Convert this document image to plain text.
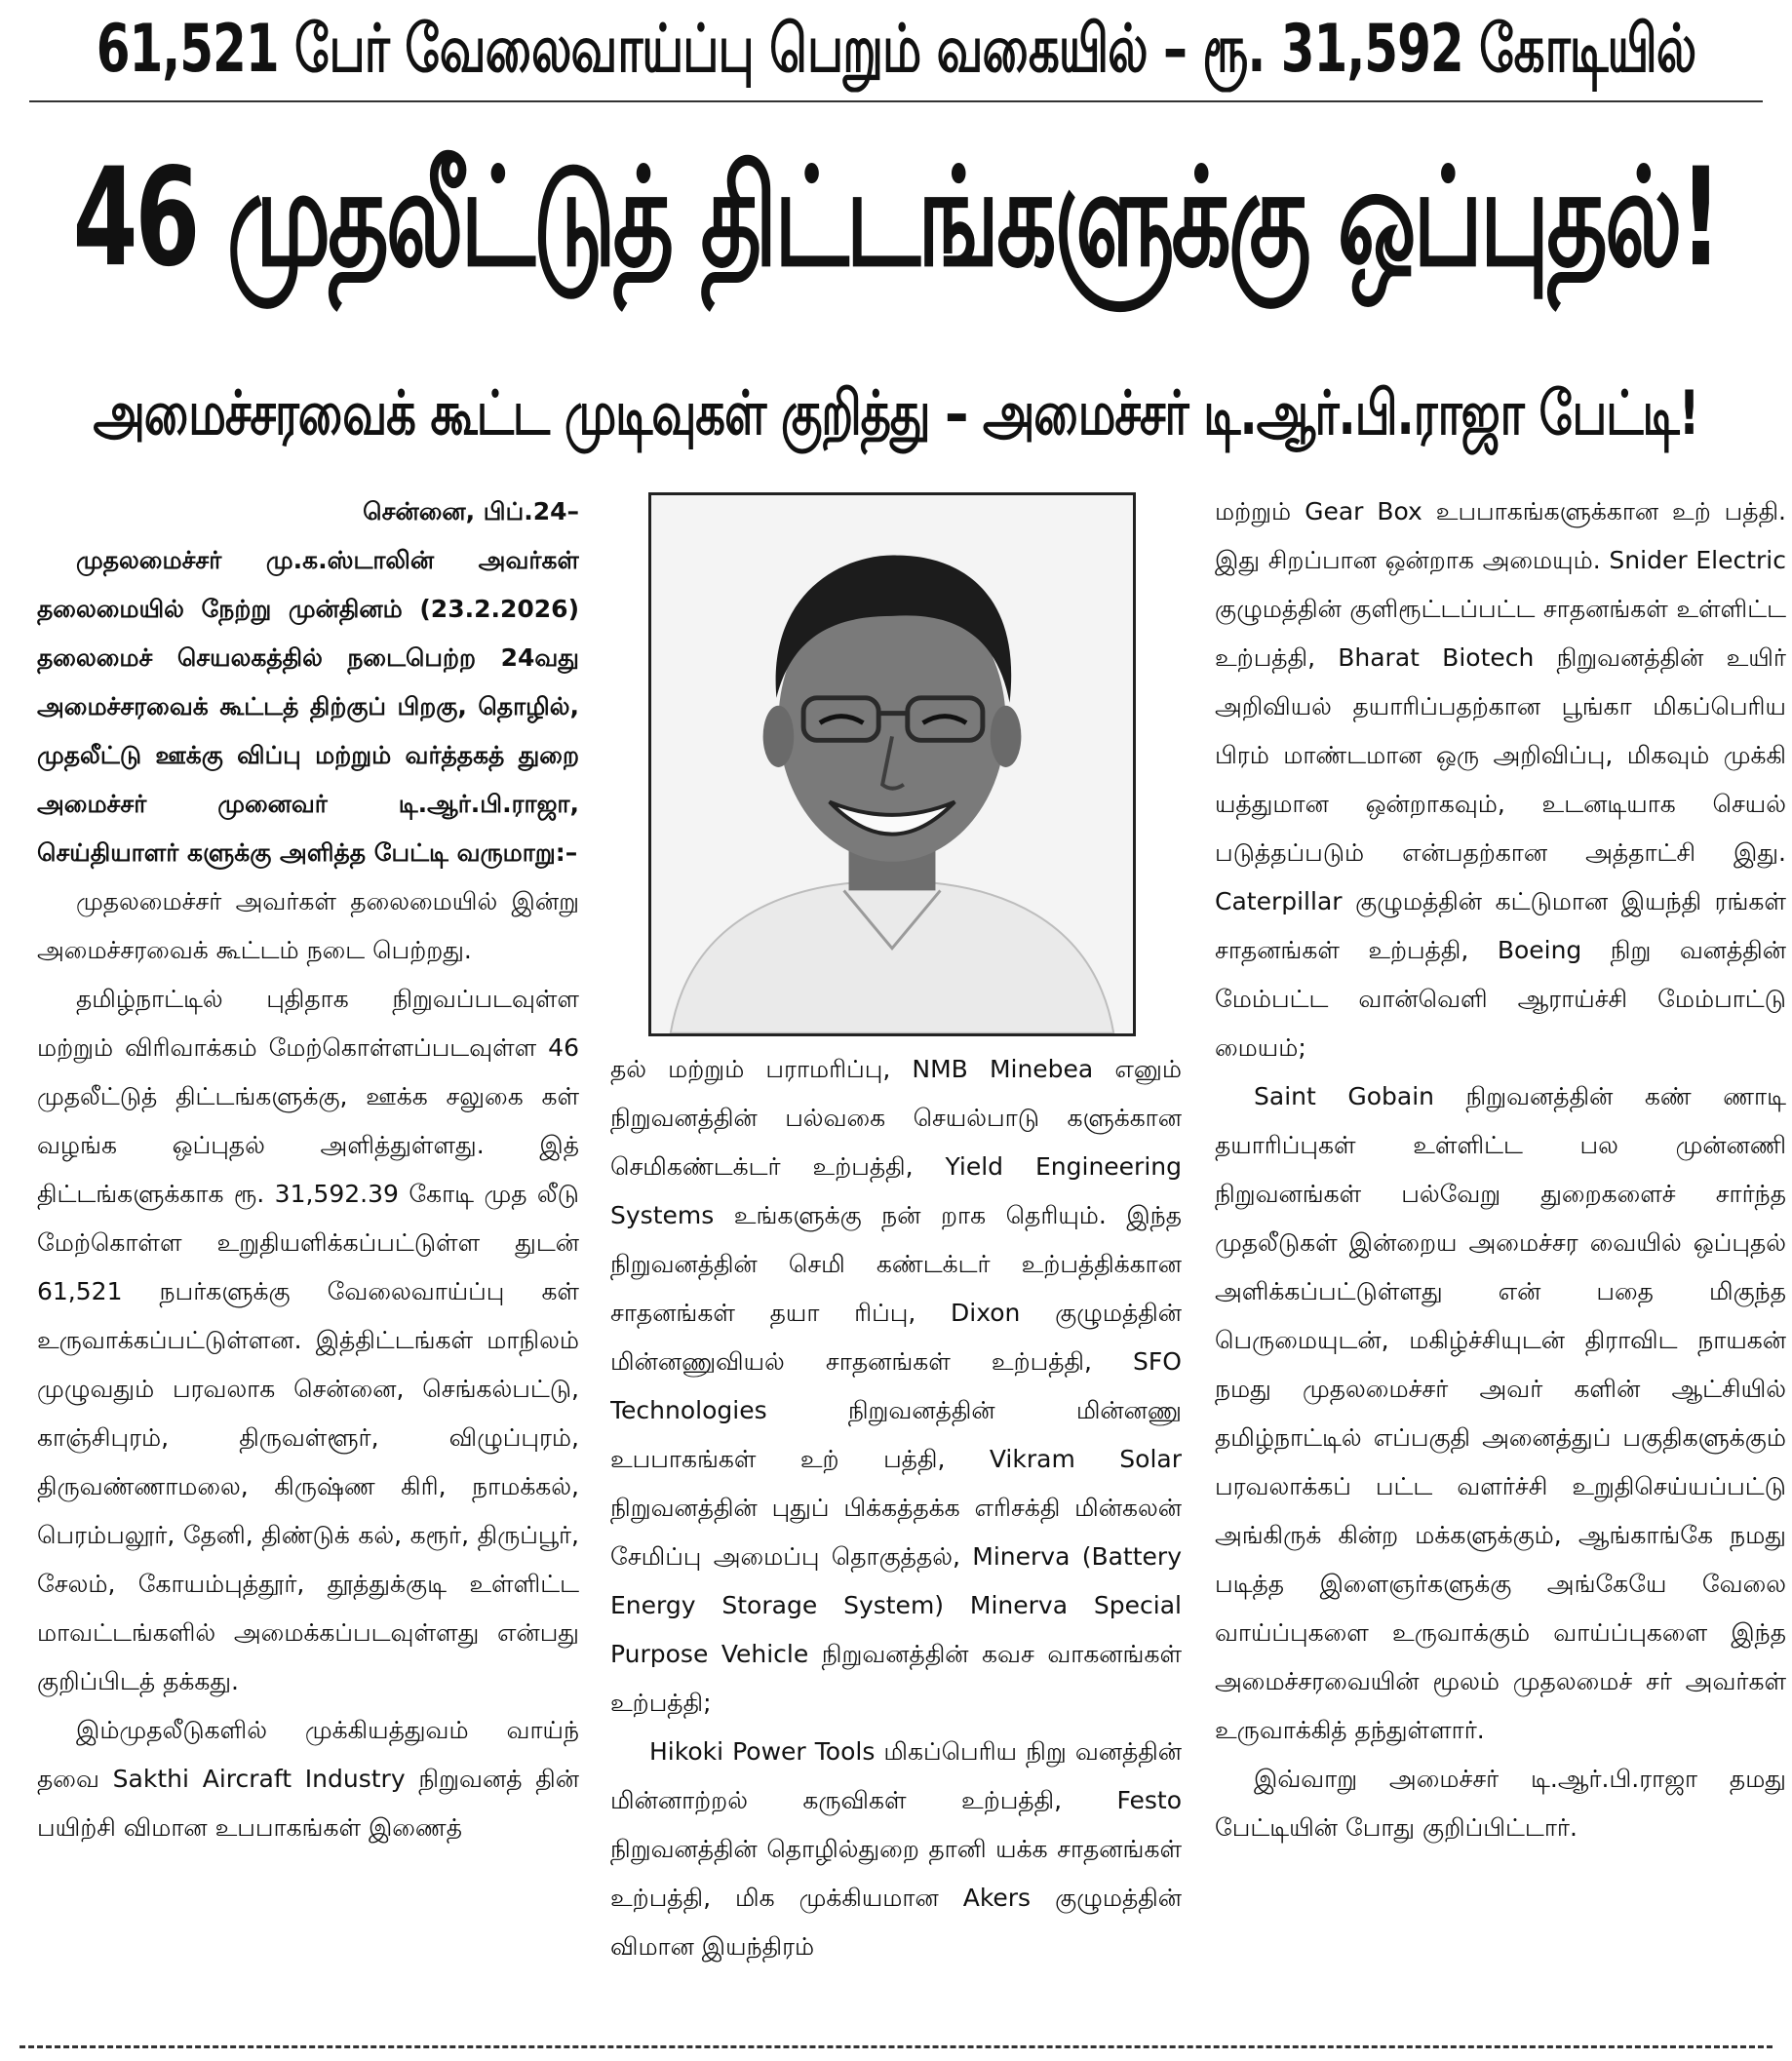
61,521 பேர் வேலைவாய்ப்பு பெறும் வகையில் – ரூ. 31,592 கோடியில்
46 முதலீட்டுத் திட்டங்களுக்கு ஒப்புதல்!
அமைச்சரவைக் கூட்ட முடிவுகள் குறித்து – அமைச்சர் டி.ஆர்.பி.ராஜா பேட்டி!

சென்னை, பிப்.24–

முதலமைச்சர் மு.க.ஸ்டாலின் அவர்கள் தலைமையில் நேற்று முன்தினம் (23.2.2026) தலைமைச் செயலகத்தில் நடைபெற்ற 24வது அமைச்சரவைக் கூட்டத் திற்குப் பிறகு, தொழில், முதலீட்டு ஊக்கு விப்பு மற்றும் வர்த்தகத் துறை அமைச்சர் முனைவர் டி.ஆர்.பி.ராஜா, செய்தியாளர் களுக்கு அளித்த பேட்டி வருமாறு:–

முதலமைச்சர் அவர்கள் தலைமையில் இன்று அமைச்சரவைக் கூட்டம் நடை பெற்றது.

தமிழ்நாட்டில் புதிதாக நிறுவப்படவுள்ள மற்றும் விரிவாக்கம் மேற்கொள்ளப்படவுள்ள 46 முதலீட்டுத் திட்டங்களுக்கு, ஊக்க சலுகை கள் வழங்க ஒப்புதல் அளித்துள்ளது. இத் திட்டங்களுக்காக ரூ. 31,592.39 கோடி முத லீடு மேற்கொள்ள உறுதியளிக்கப்பட்டுள்ள துடன் 61,521 நபர்களுக்கு வேலைவாய்ப்பு கள் உருவாக்கப்பட்டுள்ளன. இத்திட்டங்கள் மாநிலம் முழுவதும் பரவலாக சென்னை, செங்கல்பட்டு, காஞ்சிபுரம், திருவள்ளூர், விழுப்புரம், திருவண்ணாமலை, கிருஷ்ண கிரி, நாமக்கல், பெரம்பலூர், தேனி, திண்டுக் கல், கரூர், திருப்பூர், சேலம், கோயம்புத்தூர், தூத்துக்குடி உள்ளிட்ட மாவட்டங்களில் அமைக்கப்படவுள்ளது என்பது குறிப்பிடத் தக்கது.

இம்முதலீடுகளில் முக்கியத்துவம் வாய்ந் தவை Sakthi Aircraft Industry நிறுவனத் தின் பயிற்சி விமான உபபாகங்கள் இணைத்

தல் மற்றும் பராமரிப்பு, NMB Minebea எனும் நிறுவனத்தின் பல்வகை செயல்பாடு களுக்கான செமிகண்டக்டர் உற்பத்தி, Yield Engineering Systems உங்களுக்கு நன் றாக தெரியும். இந்த நிறுவனத்தின் செமி கண்டக்டர் உற்பத்திக்கான சாதனங்கள் தயா ரிப்பு, Dixon குழுமத்தின் மின்னணுவியல் சாதனங்கள் உற்பத்தி, SFO Technologies நிறுவனத்தின் மின்னணு உபபாகங்கள் உற் பத்தி, Vikram Solar நிறுவனத்தின் புதுப் பிக்கத்தக்க எரிசக்தி மின்கலன் சேமிப்பு அமைப்பு தொகுத்தல், Minerva (Battery Energy Storage System) Minerva Special Purpose Vehicle நிறுவனத்தின் கவச வாகனங்கள் உற்பத்தி;

Hikoki Power Tools மிகப்பெரிய நிறு வனத்தின் மின்னாற்றல் கருவிகள் உற்பத்தி, Festo நிறுவனத்தின் தொழில்துறை தானி யக்க சாதனங்கள் உற்பத்தி, மிக முக்கியமான Akers குழுமத்தின் விமான இயந்திரம்

மற்றும் Gear Box உபபாகங்களுக்கான உற் பத்தி. இது சிறப்பான ஒன்றாக அமையும். Snider Electric குழுமத்தின் குளிரூட்டப்பட்ட சாதனங்கள் உள்ளிட்ட உற்பத்தி, Bharat Biotech நிறுவனத்தின் உயிர் அறிவியல் தயாரிப்பதற்கான பூங்கா மிகப்பெரிய பிரம் மாண்டமான ஒரு அறிவிப்பு, மிகவும் முக்கி யத்துமான ஒன்றாகவும், உடனடியாக செயல் படுத்தப்படும் என்பதற்கான அத்தாட்சி இது. Caterpillar குழுமத்தின் கட்டுமான இயந்தி ரங்கள் சாதனங்கள் உற்பத்தி, Boeing நிறு வனத்தின் மேம்பட்ட வான்வெளி ஆராய்ச்சி மேம்பாட்டு மையம்;

Saint Gobain நிறுவனத்தின் கண் ணாடி தயாரிப்புகள் உள்ளிட்ட பல முன்னணி நிறுவனங்கள் பல்வேறு துறைகளைச் சார்ந்த முதலீடுகள் இன்றைய அமைச்சர வையில் ஒப்புதல் அளிக்கப்பட்டுள்ளது என் பதை மிகுந்த பெருமையுடன், மகிழ்ச்சியுடன் திராவிட நாயகன் நமது முதலமைச்சர் அவர் களின் ஆட்சியில் தமிழ்நாட்டில் எப்பகுதி அனைத்துப் பகுதிகளுக்கும் பரவலாக்கப் பட்ட வளர்ச்சி உறுதிசெய்யப்பட்டு அங்கிருக் கின்ற மக்களுக்கும், ஆங்காங்கே நமது படித்த இளைஞர்களுக்கு அங்கேயே வேலை வாய்ப்புகளை உருவாக்கும் வாய்ப்புகளை இந்த அமைச்சரவையின் மூலம் முதலமைச் சர் அவர்கள் உருவாக்கித் தந்துள்ளார்.

இவ்வாறு அமைச்சர் டி.ஆர்.பி.ராஜா தமது பேட்டியின் போது குறிப்பிட்டார்.
